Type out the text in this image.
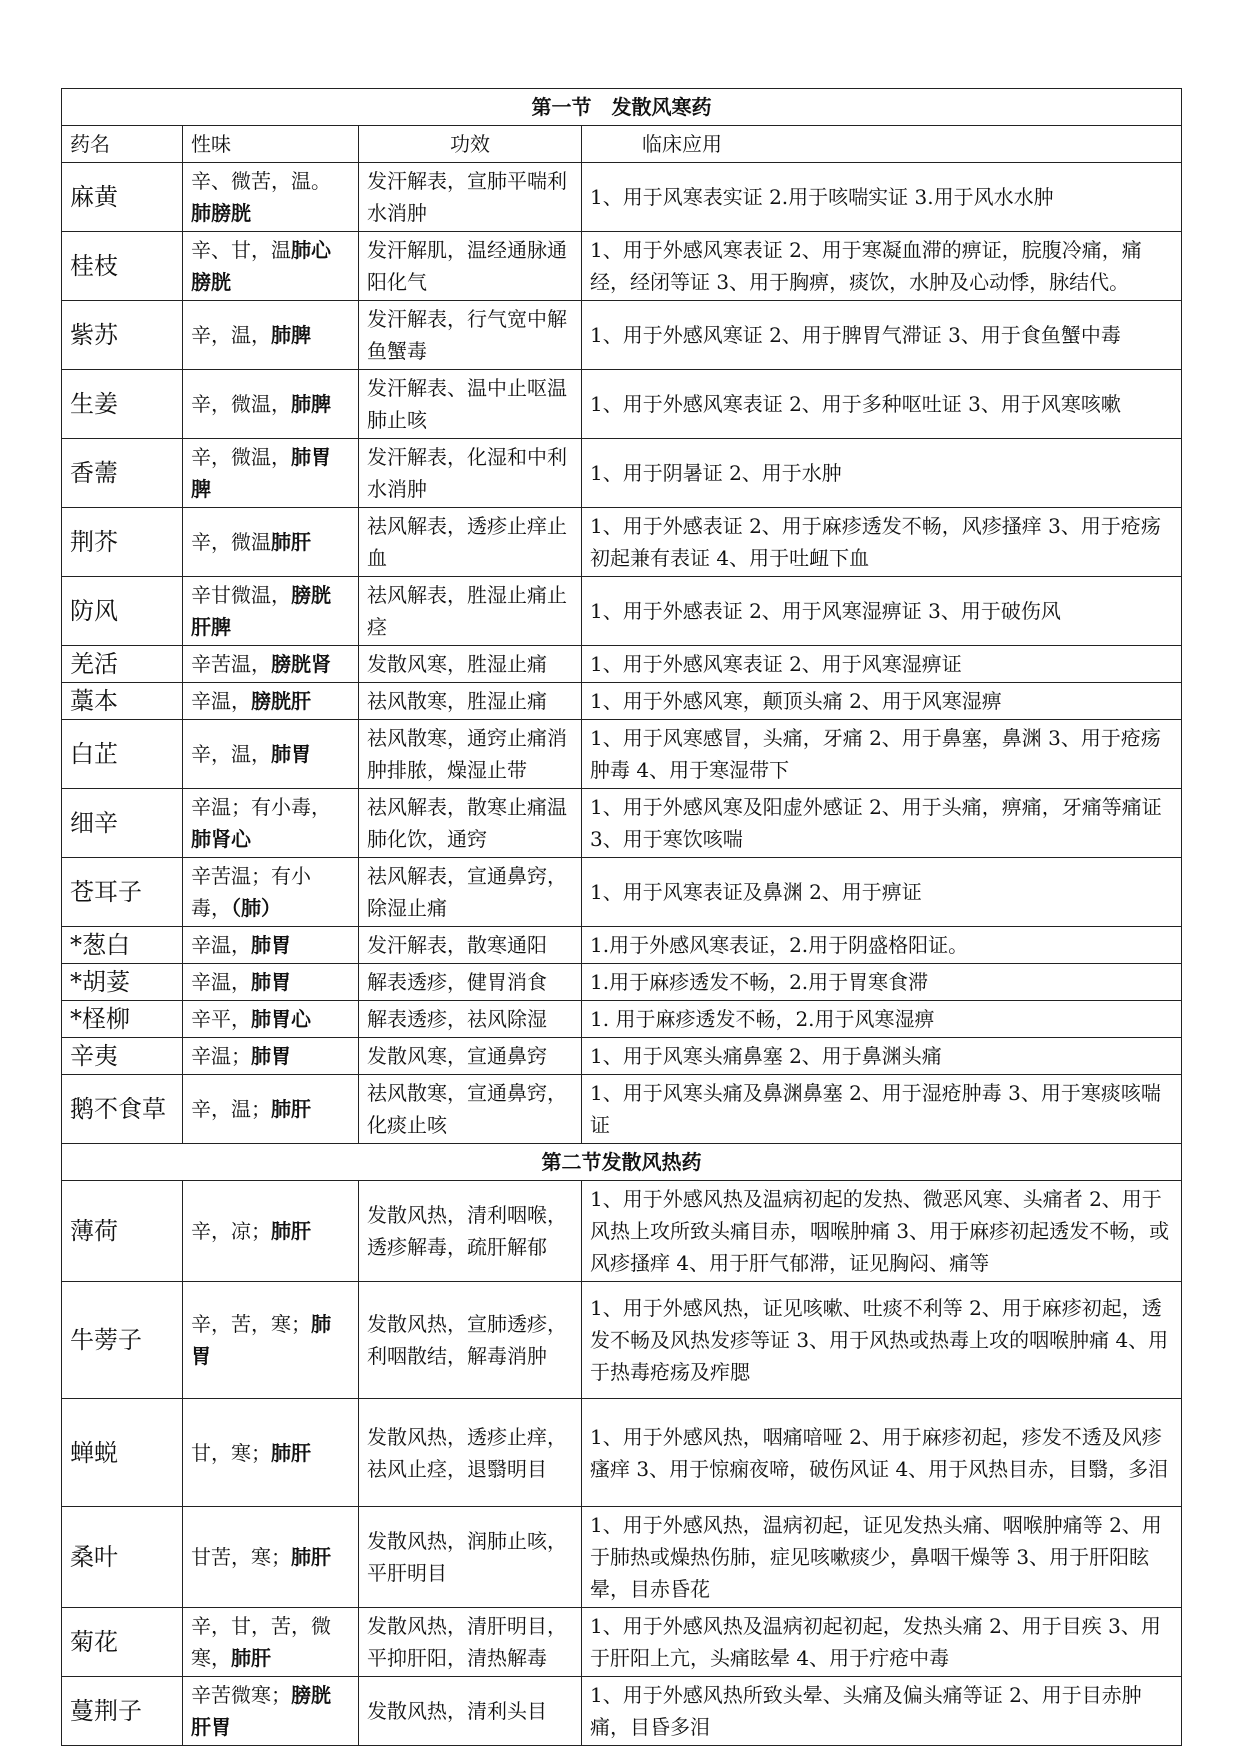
第一节　发散风寒药			
药名	性味	功效	临床应用
麻黄	辛、微苦，温。肺膀胱	发汗解表，宣肺平喘利水消肿	1、用于风寒表实证 2.用于咳喘实证 3.用于风水水肿
桂枝	辛、甘，温肺心膀胱	发汗解肌，温经通脉通阳化气	1、用于外感风寒表证 2、用于寒凝血滞的痹证，脘腹冷痛，痛经，经闭等证 3、用于胸痹，痰饮，水肿及心动悸，脉结代。
紫苏	辛，温，肺脾	发汗解表，行气宽中解鱼蟹毒	1、用于外感风寒证 2、用于脾胃气滞证 3、用于食鱼蟹中毒
生姜	辛，微温，肺脾	发汗解表、温中止呕温肺止咳	1、用于外感风寒表证 2、用于多种呕吐证 3、用于风寒咳嗽
香薷	辛，微温，肺胃脾	发汗解表，化湿和中利水消肿	1、用于阴暑证 2、用于水肿
荆芥	辛，微温肺肝	祛风解表，透疹止痒止血	1、用于外感表证 2、用于麻疹透发不畅，风疹搔痒 3、用于疮疡初起兼有表证 4、用于吐衄下血
防风	辛甘微温，膀胱肝脾	祛风解表，胜湿止痛止痉	1、用于外感表证 2、用于风寒湿痹证 3、用于破伤风
羌活	辛苦温，膀胱肾	发散风寒，胜湿止痛	1、用于外感风寒表证 2、用于风寒湿痹证
藁本	辛温，膀胱肝	祛风散寒，胜湿止痛	1、用于外感风寒，颠顶头痛 2、用于风寒湿痹
白芷	辛，温，肺胃	祛风散寒，通窍止痛消肿排脓，燥湿止带	1、用于风寒感冒，头痛，牙痛 2、用于鼻塞，鼻渊 3、用于疮疡肿毒 4、用于寒湿带下
细辛	辛温；有小毒，肺肾心	祛风解表，散寒止痛温肺化饮，通窍	1、用于外感风寒及阳虚外感证 2、用于头痛，痹痛，牙痛等痛证 3、用于寒饮咳喘
苍耳子	辛苦温；有小毒，（肺）	祛风解表，宣通鼻窍，除湿止痛	1、用于风寒表证及鼻渊 2、用于痹证
*葱白	辛温，肺胃	发汗解表，散寒通阳	1.用于外感风寒表证，2.用于阴盛格阳证。
*胡荽	辛温，肺胃	解表透疹，健胃消食	1.用于麻疹透发不畅，2.用于胃寒食滞
*柽柳	辛平，肺胃心	解表透疹，祛风除湿	1. 用于麻疹透发不畅，2.用于风寒湿痹
辛夷	辛温；肺胃	发散风寒，宣通鼻窍	1、用于风寒头痛鼻塞 2、用于鼻渊头痛
鹅不食草	辛，温；肺肝	祛风散寒，宣通鼻窍，化痰止咳	1、用于风寒头痛及鼻渊鼻塞 2、用于湿疮肿毒 3、用于寒痰咳喘证
第二节发散风热药			
薄荷	辛，凉；肺肝	发散风热，清利咽喉，透疹解毒，疏肝解郁	1、用于外感风热及温病初起的发热、微恶风寒、头痛者 2、用于风热上攻所致头痛目赤，咽喉肿痛 3、用于麻疹初起透发不畅，或风疹搔痒 4、用于肝气郁滞，证见胸闷、痛等
牛蒡子	辛，苦，寒；肺胃	发散风热，宣肺透疹，利咽散结，解毒消肿	1、用于外感风热，证见咳嗽、吐痰不利等 2、用于麻疹初起，透发不畅及风热发疹等证 3、用于风热或热毒上攻的咽喉肿痛 4、用于热毒疮疡及痄腮
蝉蜕	甘，寒；肺肝	发散风热，透疹止痒，祛风止痉，退翳明目	1、用于外感风热，咽痛喑哑 2、用于麻疹初起，疹发不透及风疹瘙痒 3、用于惊痫夜啼，破伤风证 4、用于风热目赤，目翳，多泪
桑叶	甘苦，寒；肺肝	发散风热，润肺止咳，平肝明目	1、用于外感风热，温病初起，证见发热头痛、咽喉肿痛等 2、用于肺热或燥热伤肺，症见咳嗽痰少，鼻咽干燥等 3、用于肝阳眩晕，目赤昏花
菊花	辛，甘，苦，微寒，肺肝	发散风热，清肝明目，平抑肝阳，清热解毒	1、用于外感风热及温病初起初起，发热头痛 2、用于目疾 3、用于肝阳上亢，头痛眩晕 4、用于疔疮中毒
蔓荆子	辛苦微寒；膀胱肝胃	发散风热，清利头目	1、用于外感风热所致头晕、头痛及偏头痛等证 2、用于目赤肿痛，目昏多泪
